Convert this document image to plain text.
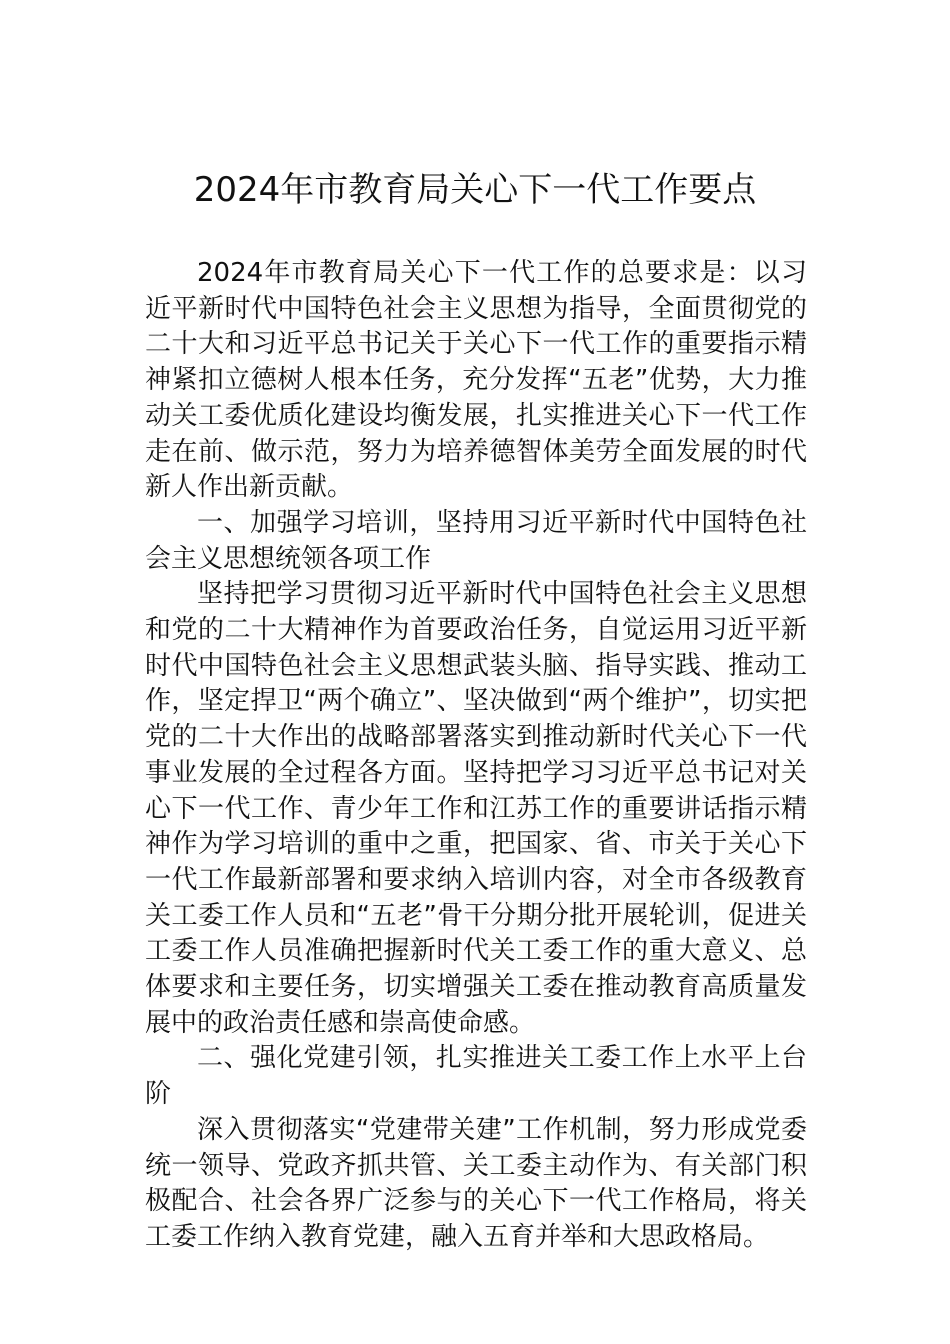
2024年市教育局关心下一代工作要点

2024年市教育局关心下一代工作的总要求是：以习近平新时代中国特色社会主义思想为指导，全面贯彻党的二十大和习近平总书记关于关心下一代工作的重要指示精神紧扣立德树人根本任务，充分发挥“五老”优势，大力推动关工委优质化建设均衡发展，扎实推进关心下一代工作走在前、做示范，努力为培养德智体美劳全面发展的时代新人作出新贡献。

一、加强学习培训，坚持用习近平新时代中国特色社会主义思想统领各项工作

坚持把学习贯彻习近平新时代中国特色社会主义思想和党的二十大精神作为首要政治任务，自觉运用习近平新时代中国特色社会主义思想武装头脑、指导实践、推动工作，坚定捍卫“两个确立”、坚决做到“两个维护”，切实把党的二十大作出的战略部署落实到推动新时代关心下一代事业发展的全过程各方面。坚持把学习习近平总书记对关心下一代工作、青少年工作和江苏工作的重要讲话指示精神作为学习培训的重中之重，把国家、省、市关于关心下一代工作最新部署和要求纳入培训内容，对全市各级教育关工委工作人员和“五老”骨干分期分批开展轮训，促进关工委工作人员准确把握新时代关工委工作的重大意义、总体要求和主要任务，切实增强关工委在推动教育高质量发展中的政治责任感和崇高使命感。

二、强化党建引领，扎实推进关工委工作上水平上台阶

深入贯彻落实“党建带关建”工作机制，努力形成党委统一领导、党政齐抓共管、关工委主动作为、有关部门积极配合、社会各界广泛参与的关心下一代工作格局，将关工委工作纳入教育党建，融入五育并举和大思政格局。
